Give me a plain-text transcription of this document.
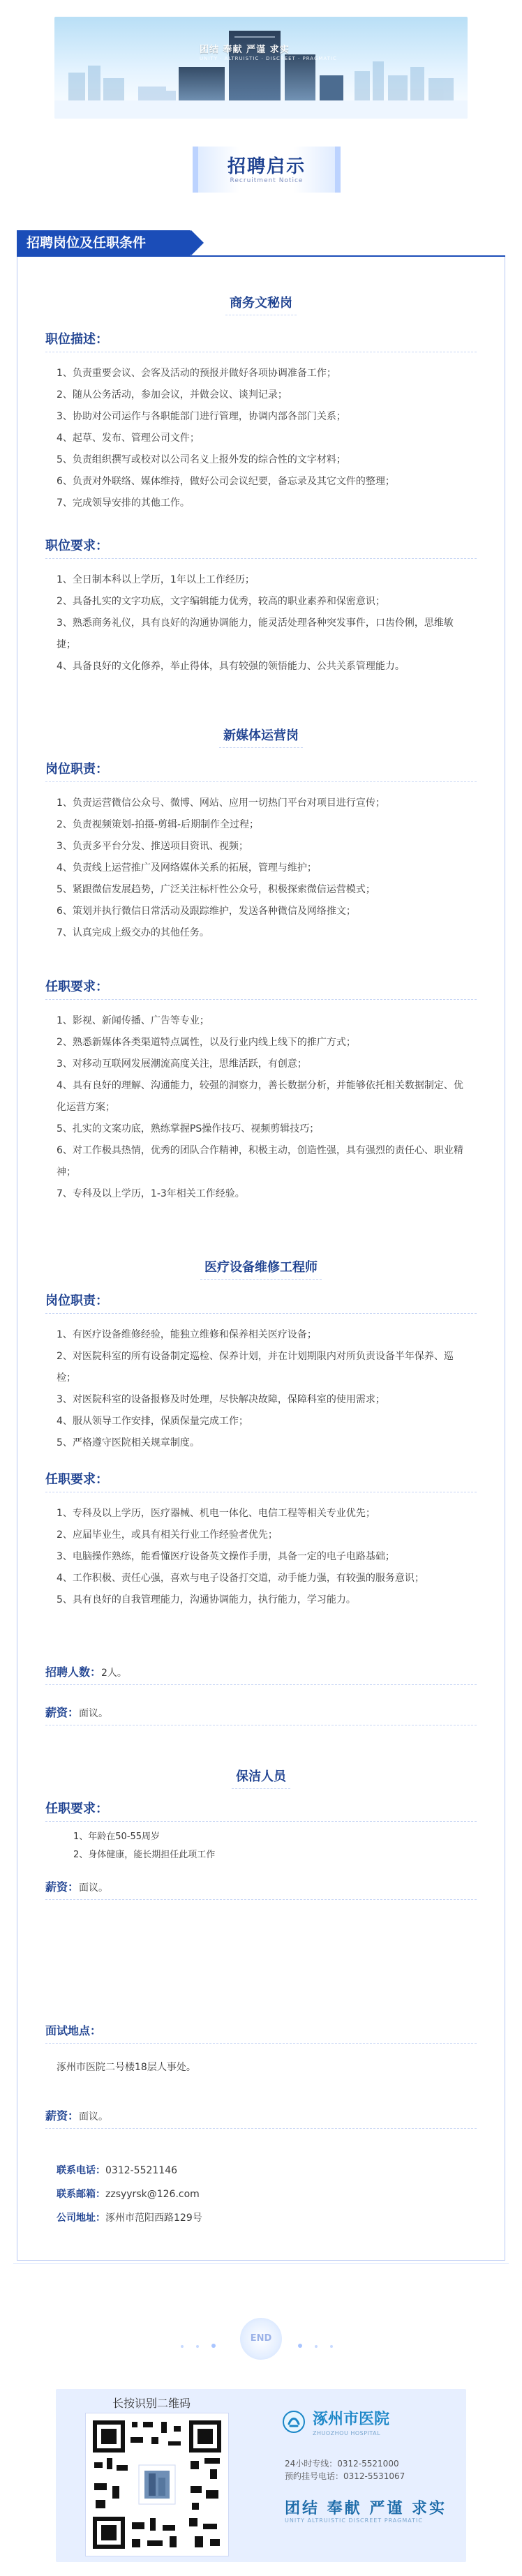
团结 奉献 严谨 求实
UNITY · ALTRUISTIC · DISCREET · PRAGMATIC
招聘启示
Recruitment Notice
招聘岗位及任职条件
商务文秘岗
职位描述：
1、负责重要会议、会客及活动的预报并做好各项协调准备工作；
2、随从公务活动，参加会议，并做会议、谈判记录；
3、协助对公司运作与各职能部门进行管理，协调内部各部门关系；
4、起草、发布、管理公司文件；
5、负责组织撰写或校对以公司名义上报外发的综合性的文字材料；
6、负责对外联络、媒体维持，做好公司会议纪要，备忘录及其它文件的整理；
7、完成领导安排的其他工作。
职位要求：
1、全日制本科以上学历，1年以上工作经历；
2、具备扎实的文字功底，文字编辑能力优秀，较高的职业素养和保密意识；
3、熟悉商务礼仪，具有良好的沟通协调能力，能灵活处理各种突发事件，口齿伶俐，思维敏捷；
4、具备良好的文化修养，举止得体，具有较强的领悟能力、公共关系管理能力。
新媒体运营岗
岗位职责：
1、负责运营微信公众号、微博、网站、应用一切热门平台对项目进行宣传；
2、负责视频策划-拍摄-剪辑-后期制作全过程；
3、负责多平台分发、推送项目资讯、视频；
4、负责线上运营推广及网络媒体关系的拓展，管理与维护；
5、紧跟微信发展趋势，广泛关注标杆性公众号，积极探索微信运营模式；
6、策划并执行微信日常活动及跟踪维护，发送各种微信及网络推文；
7、认真完成上级交办的其他任务。
任职要求：
1、影视、新闻传播、广告等专业；
2、熟悉新媒体各类渠道特点属性，以及行业内线上线下的推广方式；
3、对移动互联网发展潮流高度关注，思维活跃，有创意；
4、具有良好的理解、沟通能力，较强的洞察力，善长数据分析，并能够依托相关数据制定、优化运营方案；
5、扎实的文案功底，熟练掌握PS操作技巧、视频剪辑技巧；
6、对工作极具热情，优秀的团队合作精神，积极主动，创造性强，具有强烈的责任心、职业精神；
7、专科及以上学历，1-3年相关工作经验。
医疗设备维修工程师
岗位职责：
1、有医疗设备维修经验，能独立维修和保养相关医疗设备；
2、对医院科室的所有设备制定巡检、保养计划，并在计划期限内对所负责设备半年保养、巡检；
3、对医院科室的设备报修及时处理，尽快解决故障，保障科室的使用需求；
4、服从领导工作安排，保质保量完成工作；
5、严格遵守医院相关规章制度。
任职要求：
1、专科及以上学历，医疗器械、机电一体化、电信工程等相关专业优先；
2、应届毕业生，或具有相关行业工作经验者优先；
3、电脑操作熟练，能看懂医疗设备英文操作手册，具备一定的电子电路基础；
4、工作积极、责任心强，喜欢与电子设备打交道，动手能力强，有较强的服务意识；
5、具有良好的自我管理能力，沟通协调能力，执行能力，学习能力。
招聘人数：2人。
薪资：面议。
保洁人员
任职要求：
1、年龄在50-55周岁
2、身体健康，能长期担任此项工作
薪资：面议。
面试地点：
涿州市医院二号楼18层人事处。
薪资：面议。
联系电话：0312-5521146
联系邮箱：zzsyyrsk@126.com
公司地址：涿州市范阳西路129号
END
长按识别二维码
涿州市医院
ZHUOZHOU HOSPITAL
24小时专线：0312-5521000
预约挂号电话：0312-5531067
团结 奉献 严谨 求实
UNITY ALTRUISTIC DISCREET PRAGMATIC
